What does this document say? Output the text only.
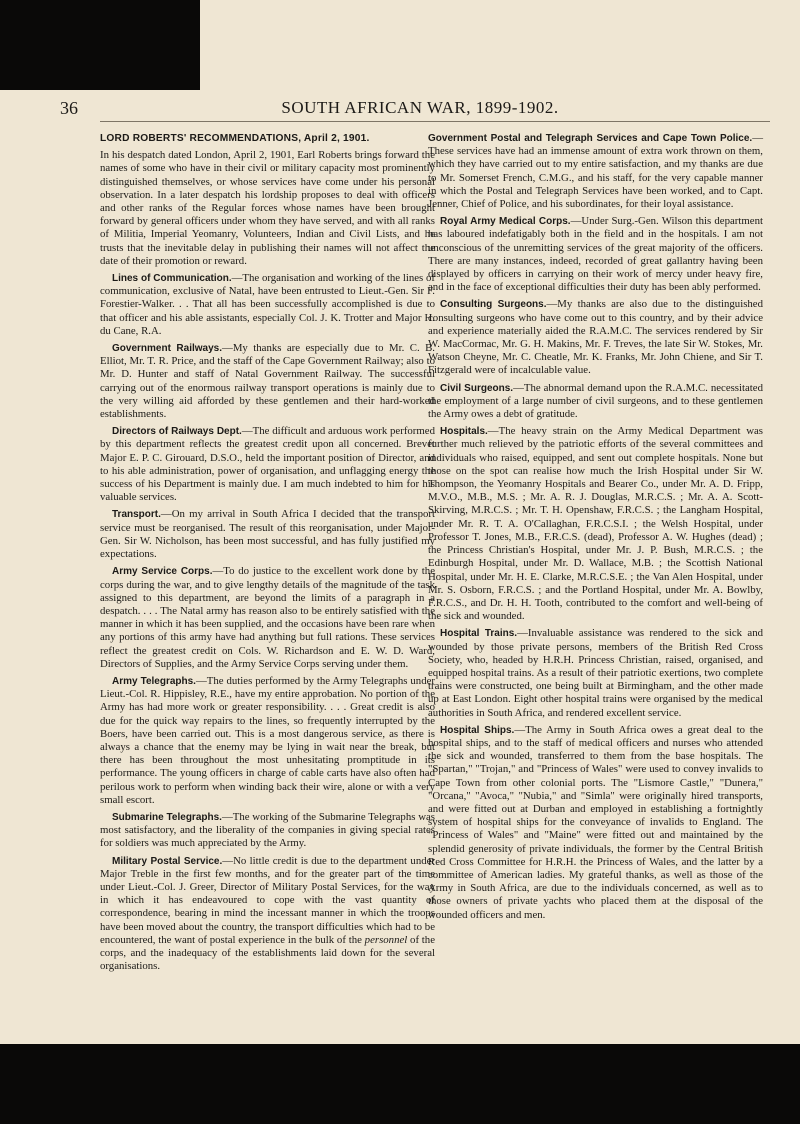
36	SOUTH AFRICAN WAR, 1899-1902.
LORD ROBERTS' RECOMMENDATIONS, April 2, 1901.

In his despatch dated London, April 2, 1901, Earl Roberts brings forward the names of some who have in their civil or military capacity most prominently distinguished themselves, or whose services have come under his personal observation. In a later despatch his lordship proposes to deal with officers and other ranks of the Regular forces whose names have been brought forward by general officers under whom they have served, and with all ranks of Militia, Imperial Yeomanry, Volunteers, Indian and Civil Lists, and he trusts that the inevitable delay in publishing their names will not affect the date of their promotion or reward.

Lines of Communication.—The organisation and working of the lines of communication, exclusive of Natal, have been entrusted to Lieut.-Gen. Sir F. Forestier-Walker. . . That all has been successfully accomplished is due to that officer and his able assistants, especially Col. J. K. Trotter and Major H. du Cane, R.A.

Government Railways.—My thanks are especially due to Mr. C. B. Elliot, Mr. T. R. Price, and the staff of the Cape Government Railway; also to Mr. D. Hunter and staff of Natal Government Railway. The successful carrying out of the enormous railway transport operations is mainly due to the very willing aid afforded by these gentlemen and their hard-worked establishments.

Directors of Railways Dept.—The difficult and arduous work performed by this department reflects the greatest credit upon all concerned. Brevet Major E. P. C. Girouard, D.S.O., held the important position of Director, and to his able administration, power of organisation, and unflagging energy the success of his Department is mainly due. I am much indebted to him for his valuable services.

Transport.—On my arrival in South Africa I decided that the transport service must be reorganised. The result of this reorganisation, under Major-Gen. Sir W. Nicholson, has been most successful, and has fully justified my expectations.

Army Service Corps.—To do justice to the excellent work done by the corps during the war, and to give lengthy details of the magnitude of the task assigned to this department, are beyond the limits of a paragraph in a despatch. . . . The Natal army has reason also to be entirely satisfied with the manner in which it has been supplied, and the occasions have been rare when any portions of this army have had anything but full rations. These services reflect the greatest credit on Cols. W. Richardson and E. W. D. Ward, Directors of Supplies, and the Army Service Corps serving under them.

Army Telegraphs.—The duties performed by the Army Telegraphs under Lieut.-Col. R. Hippisley, R.E., have my entire approbation. No portion of the Army has had more work or greater responsibility. . . . Great credit is also due for the quick way repairs to the lines, so frequently interrupted by the Boers, have been carried out. This is a most dangerous service, as there is always a chance that the enemy may be lying in wait near the break, but there has been throughout the most unhesitating promptitude in its performance. The young officers in charge of cable carts have also often had perilous work to perform when winding back their wire, alone or with a very small escort.

Submarine Telegraphs.—The working of the Submarine Telegraphs was most satisfactory, and the liberality of the companies in giving special rates for soldiers was much appreciated by the Army.

Military Postal Service.—No little credit is due to the department under Major Treble in the first few months, and for the greater part of the time under Lieut.-Col. J. Greer, Director of Military Postal Services, for the way in which it has endeavoured to cope with the vast quantity of correspondence, bearing in mind the incessant manner in which the troops have been moved about the country, the transport difficulties which had to be encountered, the want of postal experience in the bulk of the personnel of the corps, and the inadequacy of the establishments laid down for the several organisations.

Government Postal and Telegraph Services and Cape Town Police.—These services have had an immense amount of extra work thrown on them, which they have carried out to my entire satisfaction, and my thanks are due to Mr. Somerset French, C.M.G., and his staff, for the very capable manner in which the Postal and Telegraph Services have been worked, and to Capt. Jenner, Chief of Police, and his subordinates, for their loyal assistance.

Royal Army Medical Corps.—Under Surg.-Gen. Wilson this department has laboured indefatigably both in the field and in the hospitals. I am not unconscious of the unremitting services of the great majority of the officers. There are many instances, indeed, recorded of great gallantry having been displayed by officers in carrying on their work of mercy under heavy fire, and in the face of exceptional difficulties their duty has been ably performed.

Consulting Surgeons.—My thanks are also due to the distinguished consulting surgeons who have come out to this country, and by their advice and experience materially aided the R.A.M.C. The services rendered by Sir W. MacCormac, Mr. G. H. Makins, Mr. F. Treves, the late Sir W. Stokes, Mr. Watson Cheyne, Mr. C. Cheatle, Mr. K. Franks, Mr. John Chiene, and Sir T. Fitzgerald were of incalculable value.

Civil Surgeons.—The abnormal demand upon the R.A.M.C. necessitated the employment of a large number of civil surgeons, and to these gentlemen the Army owes a debt of gratitude.

Hospitals.—The heavy strain on the Army Medical Department was further much relieved by the patriotic efforts of the several committees and individuals who raised, equipped, and sent out complete hospitals. None but those on the spot can realise how much the Irish Hospital under Sir W. Thompson, the Yeomanry Hospitals and Bearer Co., under Mr. A. D. Fripp, M.V.O., M.B., M.S. ; Mr. A. R. J. Douglas, M.R.C.S. ; Mr. A. A. Scott-Skirving, M.R.C.S. ; Mr. T. H. Openshaw, F.R.C.S. ; the Langham Hospital, under Mr. R. T. A. O'Callaghan, F.R.C.S.I. ; the Welsh Hospital, under Professor T. Jones, M.B., F.R.C.S. (dead), Professor A. W. Hughes (dead) ; the Princess Christian's Hospital, under Mr. J. P. Bush, M.R.C.S. ; the Edinburgh Hospital, under Mr. D. Wallace, M.B. ; the Scottish National Hospital, under Mr. H. E. Clarke, M.R.C.S.E. ; the Van Alen Hospital, under Mr. S. Osborn, F.R.C.S. ; and the Portland Hospital, under Mr. A. Bowlby, F.R.C.S., and Dr. H. H. Tooth, contributed to the comfort and well-being of the sick and wounded.

Hospital Trains.—Invaluable assistance was rendered to the sick and wounded by those private persons, members of the British Red Cross Society, who, headed by H.R.H. Princess Christian, raised, organised, and equipped hospital trains. As a result of their patriotic exertions, two complete trains were constructed, one being built at Birmingham, and the other made up at East London. Eight other hospital trains were organised by the medical authorities in South Africa, and rendered excellent service.

Hospital Ships.—The Army in South Africa owes a great deal to the hospital ships, and to the staff of medical officers and nurses who attended the sick and wounded, transferred to them from the base hospitals. The "Spartan," "Trojan," and "Princess of Wales" were used to convey invalids to Cape Town from other colonial ports. The "Lismore Castle," "Dunera," "Orcana," "Avoca," "Nubia," and "Simla" were originally hired transports, and were fitted out at Durban and employed in establishing a fortnightly system of hospital ships for the conveyance of invalids to England. The "Princess of Wales" and "Maine" were fitted out and maintained by the splendid generosity of private individuals, the former by the Central British Red Cross Committee for H.R.H. the Princess of Wales, and the latter by a committee of American ladies. My grateful thanks, as well as those of the Army in South Africa, are due to the individuals concerned, as well as to those owners of private yachts who placed them at the disposal of the wounded officers and men.
